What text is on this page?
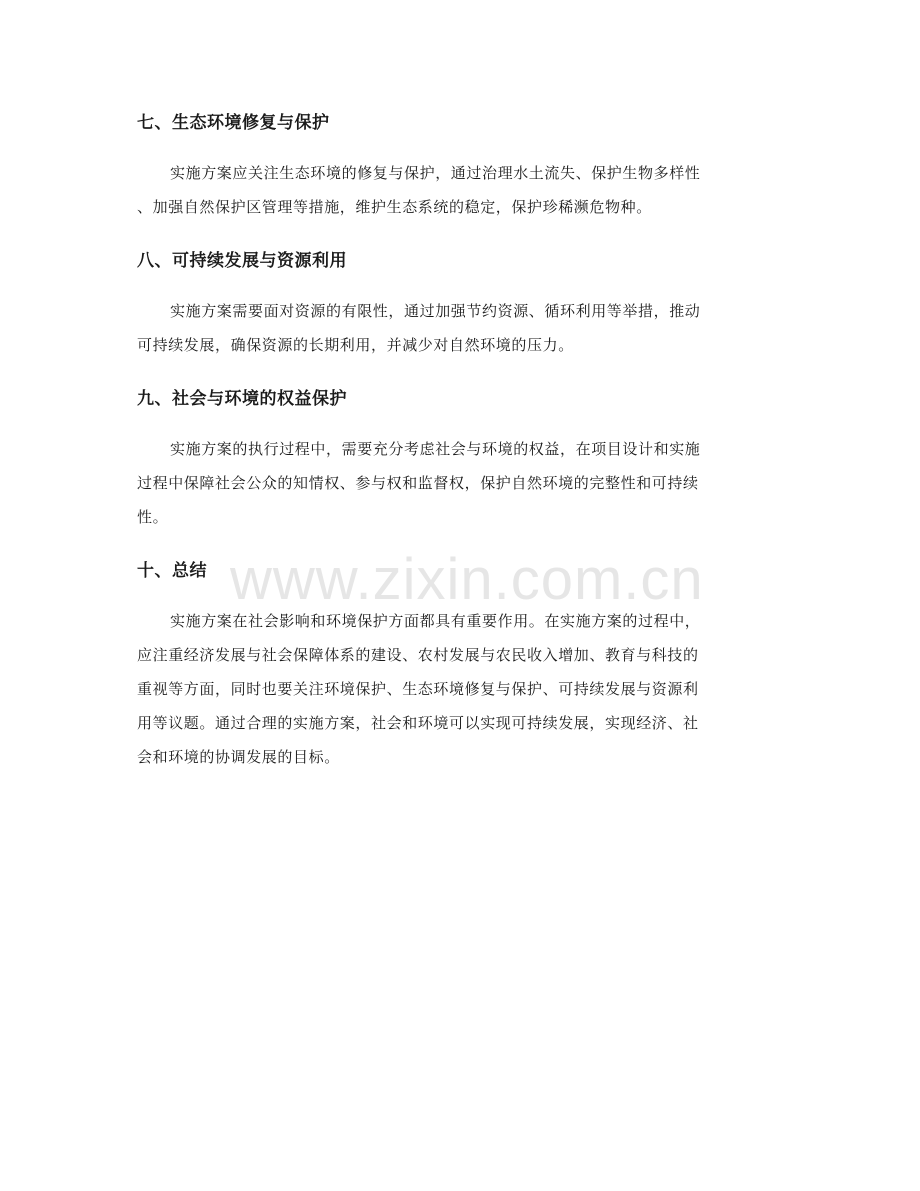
七、生态环境修复与保护
实施方案应关注生态环境的修复与保护，通过治理水土流失、保护生物多样性
、加强自然保护区管理等措施，维护生态系统的稳定，保护珍稀濒危物种。
八、可持续发展与资源利用
实施方案需要面对资源的有限性，通过加强节约资源、循环利用等举措，推动
可持续发展，确保资源的长期利用，并减少对自然环境的压力。
九、社会与环境的权益保护
实施方案的执行过程中，需要充分考虑社会与环境的权益，在项目设计和实施
过程中保障社会公众的知情权、参与权和监督权，保护自然环境的完整性和可持续
性。
www.zixin.com.cn
十、总结
实施方案在社会影响和环境保护方面都具有重要作用。在实施方案的过程中，
应注重经济发展与社会保障体系的建设、农村发展与农民收入增加、教育与科技的
重视等方面，同时也要关注环境保护、生态环境修复与保护、可持续发展与资源利
用等议题。通过合理的实施方案，社会和环境可以实现可持续发展，实现经济、社
会和环境的协调发展的目标。
